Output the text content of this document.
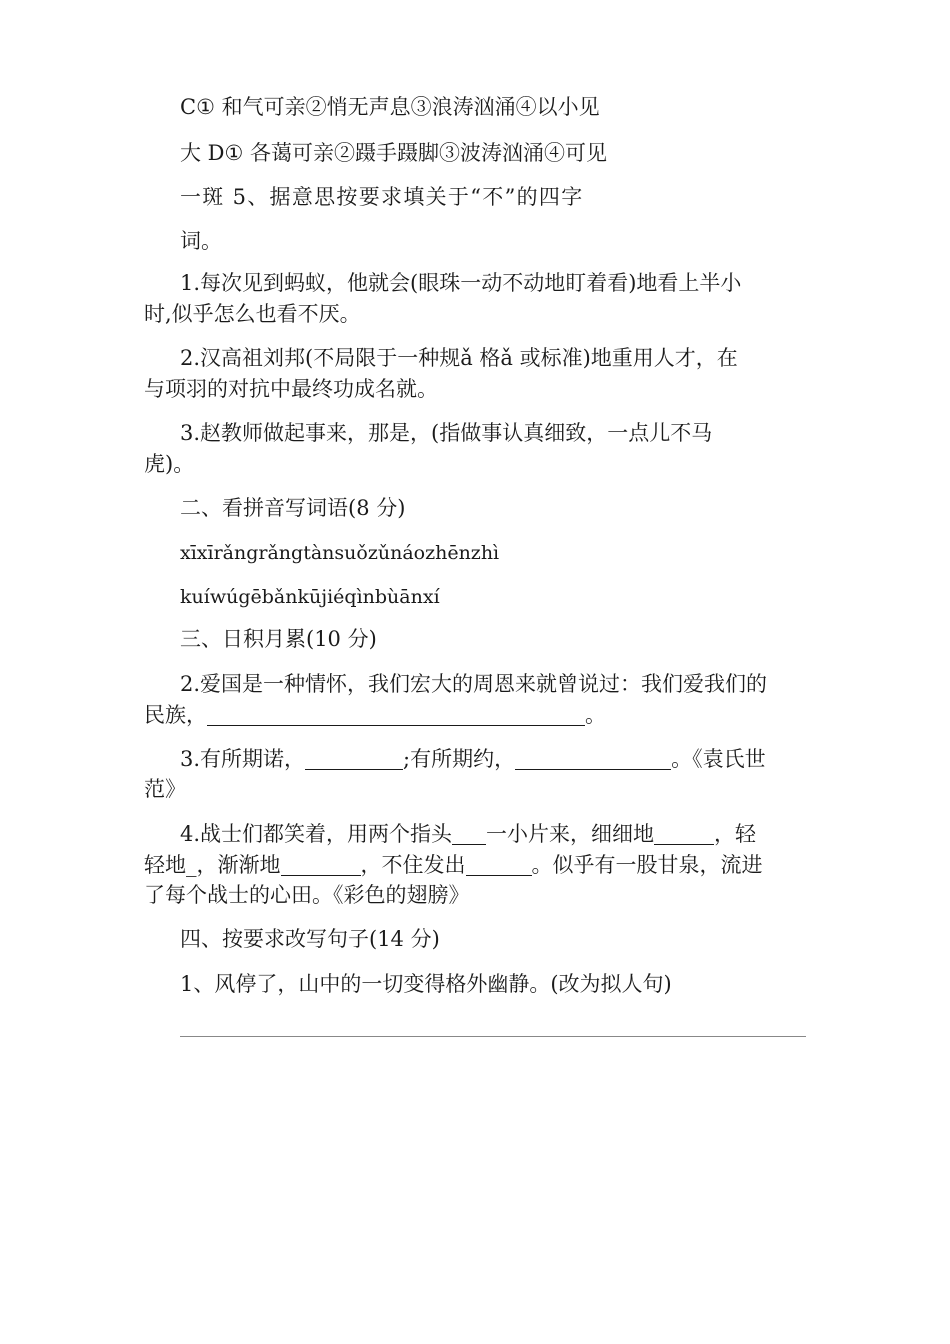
C① 和气可亲②悄无声息③浪涛汹涌④以小见
大 D① 各蔼可亲②蹑手蹑脚③波涛汹涌④可见
一斑 5、据意思按要求填关于“不”的四字
词。
1.每次见到蚂蚁，他就会(眼珠一动不动地盯着看)地看上半小
时,似乎怎么也看不厌。
2.汉高祖刘邦(不局限于一种规ǎ 格ǎ 或标准)地重用人才，在
与项羽的对抗中最终功成名就。
3.赵教师做起事来，那是，(指做事认真细致，一点儿不马
虎)。
二、看拼音写词语(8 分)
xīxīrǎngrǎngtànsuǒzǔnáozhēnzhì
kuíwúgēbǎnkūjiéqìnbùānxí
三、日积月累(10 分)
2.爱国是一种情怀，我们宏大的周恩来就曾说过：我们爱我们的
民族，	。
3.有所期诺，	;有所期约，	。《袁氏世
范》
4.战士们都笑着，用两个指头 一小片来，细细地	，轻
轻地_，渐渐地	，不住发出	。似乎有一股甘泉，流进
了每个战士的心田。《彩色的翅膀》
四、按要求改写句子(14 分)
1、风停了，山中的一切变得格外幽静。(改为拟人句)
